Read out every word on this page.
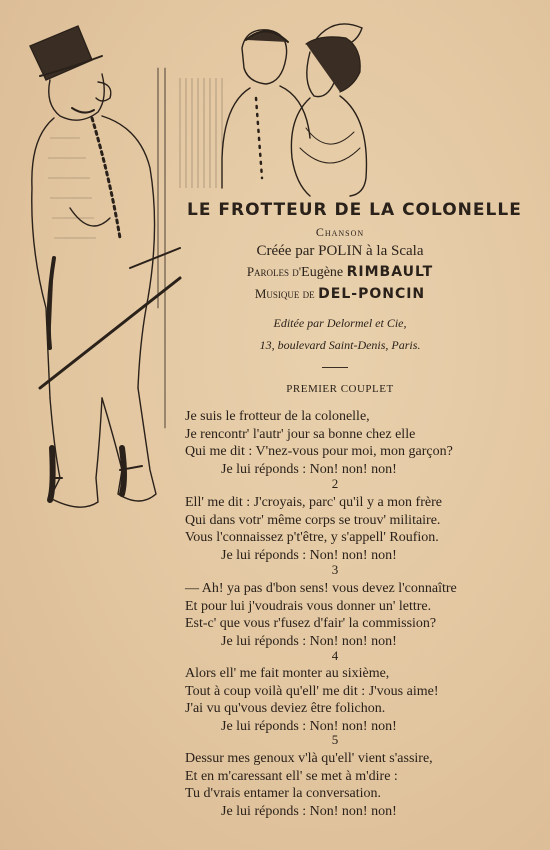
LE FROTTEUR DE LA COLONELLE
Chanson
Créée par POLIN à la Scala
Paroles d'Eugène RIMBAULT
Musique de DEL-PONCIN
Editée par Delormel et Cie,
13, boulevard Saint-Denis, Paris.
PREMIER COUPLET
Je suis le frotteur de la colonelle,
Je rencontr' l'autr' jour sa bonne chez elle
Qui me dit : V'nez-vous pour moi, mon garçon?
Je lui réponds : Non! non! non!
2
Ell' me dit : J'croyais, parc' qu'il y a mon frère
Qui dans votr' même corps se trouv' militaire.
Vous l'connaissez p't'être, y s'appell' Roufion.
Je lui réponds : Non! non! non!
3
— Ah! ya pas d'bon sens! vous devez l'connaître
Et pour lui j'voudrais vous donner un' lettre.
Est-c' que vous r'fusez d'fair' la commission?
Je lui réponds : Non! non! non!
4
Alors ell' me fait monter au sixième,
Tout à coup voilà qu'ell' me dit : J'vous aime!
J'ai vu qu'vous deviez être folichon.
Je lui réponds : Non! non! non!
5
Dessur mes genoux v'là qu'ell' vient s'assire,
Et en m'caressant ell' se met à m'dire :
Tu d'vrais entamer la conversation.
Je lui réponds : Non! non! non!
